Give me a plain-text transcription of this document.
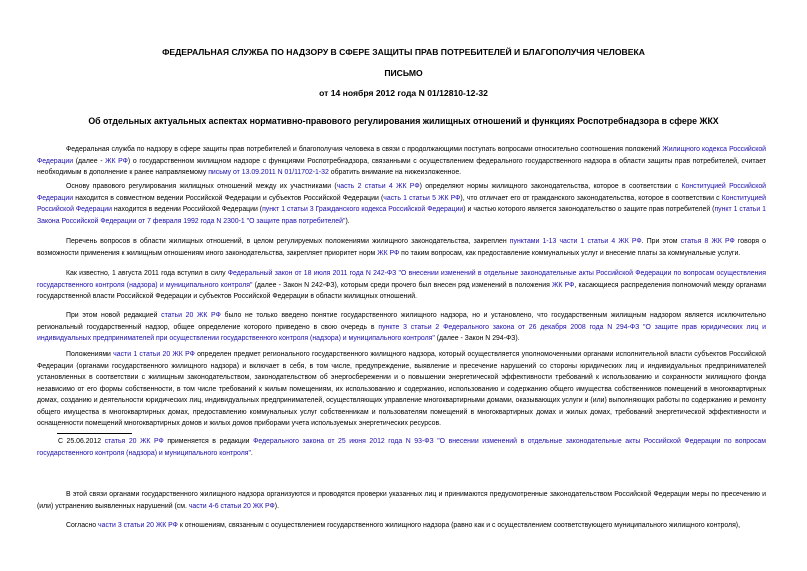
ФЕДЕРАЛЬНАЯ СЛУЖБА ПО НАДЗОРУ В СФЕРЕ ЗАЩИТЫ ПРАВ ПОТРЕБИТЕЛЕЙ И БЛАГОПОЛУЧИЯ ЧЕЛОВЕКА
ПИСЬМО
от 14 ноября 2012 года N 01/12810-12-32
Об отдельных актуальных аспектах нормативно-правового регулирования жилищных отношений и функциях Роспотребнадзора в сфере ЖКХ
Федеральная служба по надзору в сфере защиты прав потребителей и благополучия человека в связи с продолжающими поступать вопросами относительно соотношения положений Жилищного кодекса Российской Федерации (далее - ЖК РФ) о государственном жилищном надзоре с функциями Роспотребнадзора, связанными с осуществлением федерального государственного надзора в области защиты прав потребителей, считает необходимым в дополнение к ранее направляемому письму от 13.09.2011 N 01/11702-1-32 обратить внимание на нижеизложенное.
Основу правового регулирования жилищных отношений между их участниками (часть 2 статьи 4 ЖК РФ) определяют нормы жилищного законодательства, которое в соответствии с Конституцией Российской Федерации находится в совместном ведении Российской Федерации и субъектов Российской Федерации (часть 1 статьи 5 ЖК РФ), что отличает его от гражданского законодательства, которое в соответствии с Конституцией Российской Федерации находится в ведении Российской Федерации (пункт 1 статьи 3 Гражданского кодекса Российской Федерации) и частью которого является законодательство о защите прав потребителей (пункт 1 статьи 1 Закона Российской Федерации от 7 февраля 1992 года N 2300-1 "О защите прав потребителей").
Перечень вопросов в области жилищных отношений, в целом регулируемых положениями жилищного законодательства, закреплен пунктами 1-13 части 1 статьи 4 ЖК РФ. При этом статья 8 ЖК РФ говоря о возможности применения к жилищным отношениям иного законодательства, закрепляет приоритет норм ЖК РФ по таким вопросам, как предоставление коммунальных услуг и внесение платы за коммунальные услуги.
Как известно, 1 августа 2011 года вступил в силу Федеральный закон от 18 июля 2011 года N 242-ФЗ "О внесении изменений в отдельные законодательные акты Российской Федерации по вопросам осуществления государственного контроля (надзора) и муниципального контроля" (далее - Закон N 242-ФЗ), которым среди прочего был внесен ряд изменений в положения ЖК РФ, касающиеся распределения полномочий между органами государственной власти Российской Федерации и субъектов Российской Федерации в области жилищных отношений.
При этом новой редакцией статьи 20 ЖК РФ было не только введено понятие государственного жилищного надзора, но и установлено, что государственным жилищным надзором является исключительно региональный государственный надзор, общее определение которого приведено в свою очередь в пункте 3 статьи 2 Федерального закона от 26 декабря 2008 года N 294-ФЗ "О защите прав юридических лиц и индивидуальных предпринимателей при осуществлении государственного контроля (надзора) и муниципального контроля" (далее - Закон N 294-ФЗ).
Положениями части 1 статьи 20 ЖК РФ определен предмет регионального государственного жилищного надзора, который осуществляется уполномоченными органами исполнительной власти субъектов Российской Федерации (органами государственного жилищного надзора) и включает в себя, в том числе, предупреждение, выявление и пресечение нарушений со стороны юридических лиц и индивидуальных предпринимателей установленных в соответствии с жилищным законодательством, законодательством об энергосбережении и о повышении энергетической эффективности требований к использованию и сохранности жилищного фонда независимо от его формы собственности, в том числе требований к жилым помещениям, их использованию и содержанию, использованию и содержанию общего имущества собственников помещений в многоквартирных домах, созданию и деятельности юридических лиц, индивидуальных предпринимателей, осуществляющих управление многоквартирными домами, оказывающих услуги и (или) выполняющих работы по содержанию и ремонту общего имущества в многоквартирных домах, предоставлению коммунальных услуг собственникам и пользователям помещений в многоквартирных домах и жилых домах, требований энергетической эффективности и оснащенности помещений многоквартирных домов и жилых домов приборами учета используемых энергетических ресурсов.
С 25.06.2012 статья 20 ЖК РФ применяется в редакции Федерального закона от 25 июня 2012 года N 93-ФЗ "О внесении изменений в отдельные законодательные акты Российской Федерации по вопросам государственного контроля (надзора) и муниципального контроля".
В этой связи органами государственного жилищного надзора организуются и проводятся проверки указанных лиц и принимаются предусмотренные законодательством Российской Федерации меры по пресечению и (или) устранению выявленных нарушений (см. части 4-6 статьи 20 ЖК РФ).
Согласно части 3 статьи 20 ЖК РФ к отношениям, связанным с осуществлением государственного жилищного надзора (равно как и с осуществлением соответствующего муниципального жилищного контроля),
